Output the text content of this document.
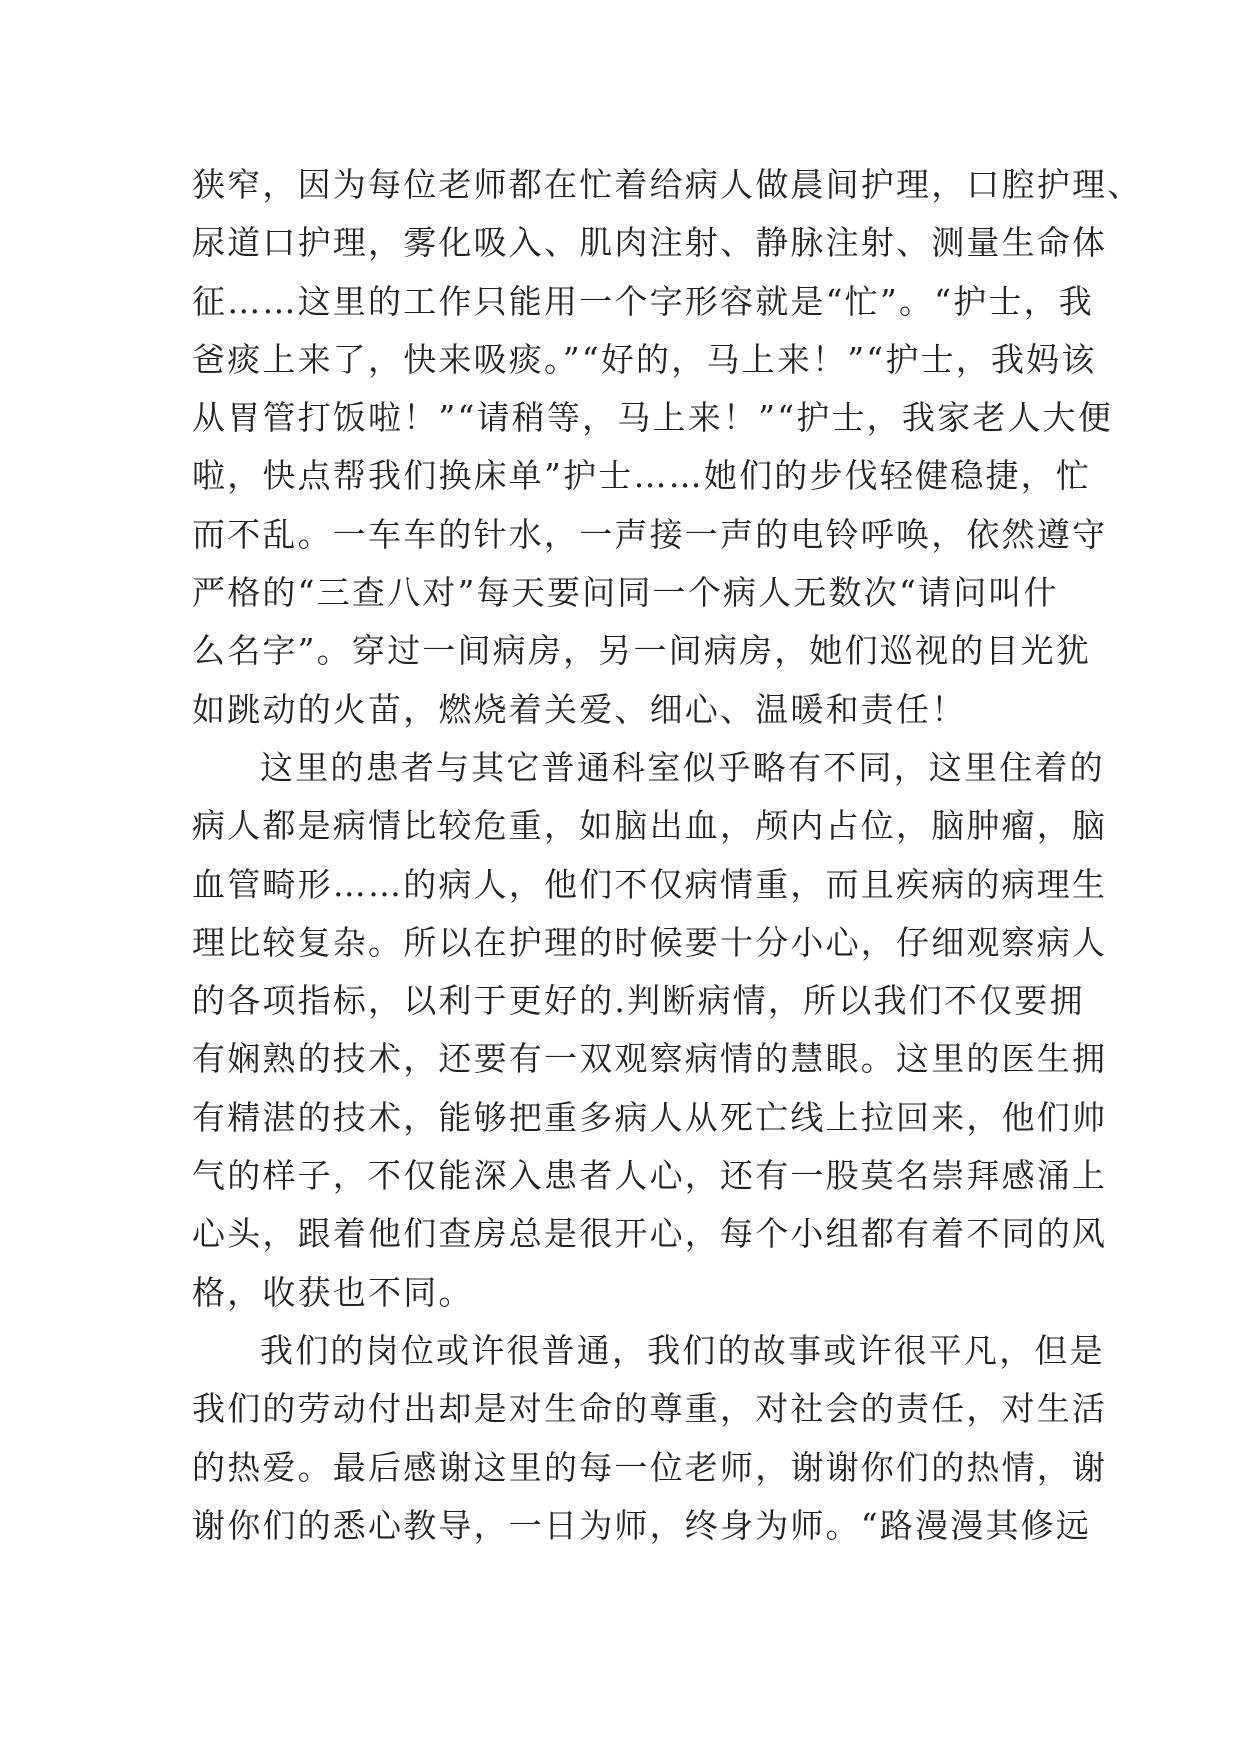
狭窄，因为每位老师都在忙着给病人做晨间护理，口腔护理、
尿道口护理，雾化吸入、肌肉注射、静脉注射、测量生命体
征……这里的工作只能用一个字形容就是“忙”。“护士，我
爸痰上来了，快来吸痰。”“好的，马上来！”“护士，我妈该
从胃管打饭啦！”“请稍等，马上来！”“护士，我家老人大便
啦，快点帮我们换床单”护士……她们的步伐轻健稳捷，忙
而不乱。一车车的针水，一声接一声的电铃呼唤，依然遵守
严格的“三查八对”每天要问同一个病人无数次“请问叫什
么名字”。穿过一间病房，另一间病房，她们巡视的目光犹
如跳动的火苗，燃烧着关爱、细心、温暖和责任！
这里的患者与其它普通科室似乎略有不同，这里住着的
病人都是病情比较危重，如脑出血，颅内占位，脑肿瘤，脑
血管畸形……的病人，他们不仅病情重，而且疾病的病理生
理比较复杂。所以在护理的时候要十分小心，仔细观察病人
的各项指标，以利于更好的.判断病情，所以我们不仅要拥
有娴熟的技术，还要有一双观察病情的慧眼。这里的医生拥
有精湛的技术，能够把重多病人从死亡线上拉回来，他们帅
气的样子，不仅能深入患者人心，还有一股莫名崇拜感涌上
心头，跟着他们查房总是很开心，每个小组都有着不同的风
格，收获也不同。
我们的岗位或许很普通，我们的故事或许很平凡，但是
我们的劳动付出却是对生命的尊重，对社会的责任，对生活
的热爱。最后感谢这里的每一位老师，谢谢你们的热情，谢
谢你们的悉心教导，一日为师，终身为师。“路漫漫其修远
